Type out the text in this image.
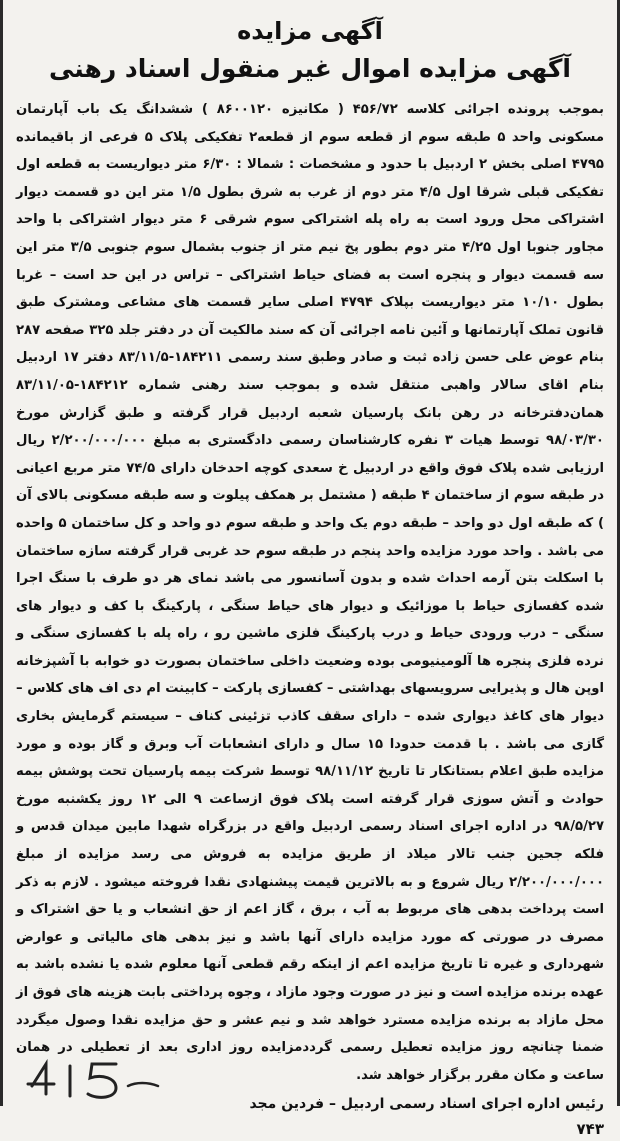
آگهی مزایده
آگهی مزایده اموال غیر منقول اسناد رهنی

بموجب پرونده اجرائی کلاسه ۴۵۶/۷۲ ( مکانیزه ۸۶۰۰۱۲۰ ) ششدانگ یک باب آپارتمان مسکونی واحد ۵ طبقه سوم از قطعه سوم از قطعه۲ تفکیکی پلاک ۵ فرعی از باقیمانده ۴۷۹۵ اصلی بخش ۲ اردبیل با حدود و مشخصات : شمالا : ۶/۳۰ متر دیواریست به قطعه اول تفکیکی قبلی شرقا اول ۴/۵ متر دوم از غرب به شرق بطول ۱/۵ متر این دو قسمت دیوار اشتراکی محل ورود است به راه پله اشتراکی سوم شرقی ۶ متر دیوار اشتراکی با واحد مجاور جنوبا اول ۴/۲۵ متر دوم بطور پخ نیم متر از جنوب بشمال سوم جنوبی ۳/۵ متر این سه قسمت دیوار و پنجره است به فضای حیاط اشتراکی – تراس در این حد است – غربا بطول ۱۰/۱۰ متر دیواریست بپلاک ۴۷۹۴ اصلی سایر قسمت های مشاعی ومشترک طبق قانون تملک آپارتمانها و آئین نامه اجرائی آن که سند مالکیت آن در دفتر جلد ۳۲۵ صفحه ۲۸۷ بنام عوض علی حسن زاده ثبت و صادر وطبق سند رسمی ۱۸۴۲۱۱-۸۳/۱۱/۵ دفتر ۱۷ اردبیل بنام اقای سالار واهبی منتقل شده و بموجب سند رهنی شماره ۱۸۴۲۱۲-۸۳/۱۱/۰۵ همان‌دفترخانه در رهن بانک پارسیان شعبه اردبیل قرار گرفته و طبق گزارش مورخ ۹۸/۰۳/۳۰ توسط هیات ۳ نفره کارشناسان رسمی دادگستری به مبلغ ۲/۲۰۰/۰۰۰/۰۰۰ ریال ارزیابی شده پلاک فوق واقع در اردبیل خ سعدی کوچه احدخان دارای ۷۴/۵ متر مربع اعیانی در طبقه سوم از ساختمان ۴ طبقه ( مشتمل بر همکف پیلوت و سه طبقه مسکونی بالای آن ) که طبقه اول دو واحد – طبقه دوم یک واحد و طبقه سوم دو واحد و کل ساختمان ۵ واحده می باشد . واحد مورد مزایده واحد پنجم در طبقه سوم حد غربی قرار گرفته سازه ساختمان با اسکلت بتن آرمه احداث شده و بدون آسانسور می باشد نمای هر دو طرف با سنگ اجرا شده کفسازی حیاط با موزائیک و دیوار های حیاط سنگی ، پارکینگ با کف و دیوار های سنگی – درب ورودی حیاط و درب پارکینگ فلزی ماشین رو ، راه پله با کفسازی سنگی و نرده فلزی پنجره ها آلومینیومی بوده وضعیت داخلی ساختمان بصورت دو خوابه با آشپزخانه اوپن هال و پذیرایی سرویسهای بهداشتی – کفسازی پارکت – کابینت ام دی اف های کلاس – دیوار های کاغذ دیواری شده – دارای سقف کاذب تزئینی کناف – سیستم گرمایش بخاری گازی می باشد . با قدمت حدودا ۱۵ سال و دارای انشعابات آب وبرق و گاز بوده و مورد مزایده طبق اعلام بستانکار تا تاریخ ۹۸/۱۱/۱۲ توسط شرکت بیمه پارسیان تحت پوشش بیمه حوادث و آتش سوزی قرار گرفته است پلاک فوق ازساعت ۹ الی ۱۲ روز یکشنبه مورخ ۹۸/۵/۲۷ در اداره اجرای اسناد رسمی اردبیل واقع در بزرگراه شهدا مابین میدان قدس و فلکه جحین جنب تالار میلاد از طریق مزایده به فروش می رسد مزایده از مبلغ ۲/۲۰۰/۰۰۰/۰۰۰ ریال شروع و به بالاترین قیمت پیشنهادی نقدا فروخته میشود . لازم به ذکر است پرداخت بدهی های مربوط به آب ، برق ، گاز اعم از حق انشعاب و یا حق اشتراک و مصرف در صورتی که مورد مزایده دارای آنها باشد و نیز بدهی های مالیاتی و عوارض شهرداری و غیره تا تاریخ مزایده اعم از اینکه رقم قطعی آنها معلوم شده یا نشده باشد به عهده برنده مزایده است و نیز در صورت وجود مازاد ، وجوه پرداختی بابت هزینه های فوق از محل مازاد به برنده مزایده مسترد خواهد شد و نیم عشر و حق مزایده نقدا وصول میگردد ضمنا چنانچه روز مزایده تعطیل رسمی گرددمزایده روز اداری بعد از تعطیلی در همان ساعت و مکان مقرر برگزار خواهد شد.

رئیس اداره اجرای اسناد رسمی اردبیل – فردین مجد
۷۴۳
